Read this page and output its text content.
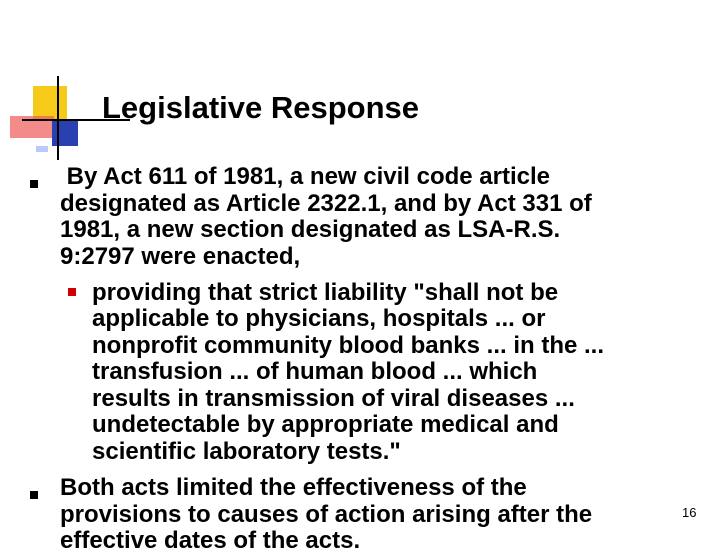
Legislative Response
By Act 611 of 1981, a new civil code article
designated as Article 2322.1, and by Act 331 of
1981, a new section designated as LSA-R.S.
9:2797 were enacted,
providing that strict liability "shall not be
applicable to physicians, hospitals ... or
nonprofit community blood banks ... in the ...
transfusion ... of human blood ... which
results in transmission of viral diseases ...
undetectable by appropriate medical and
scientific laboratory tests."
Both acts limited the effectiveness of the
provisions to causes of action arising after the
effective dates of the acts.
16
